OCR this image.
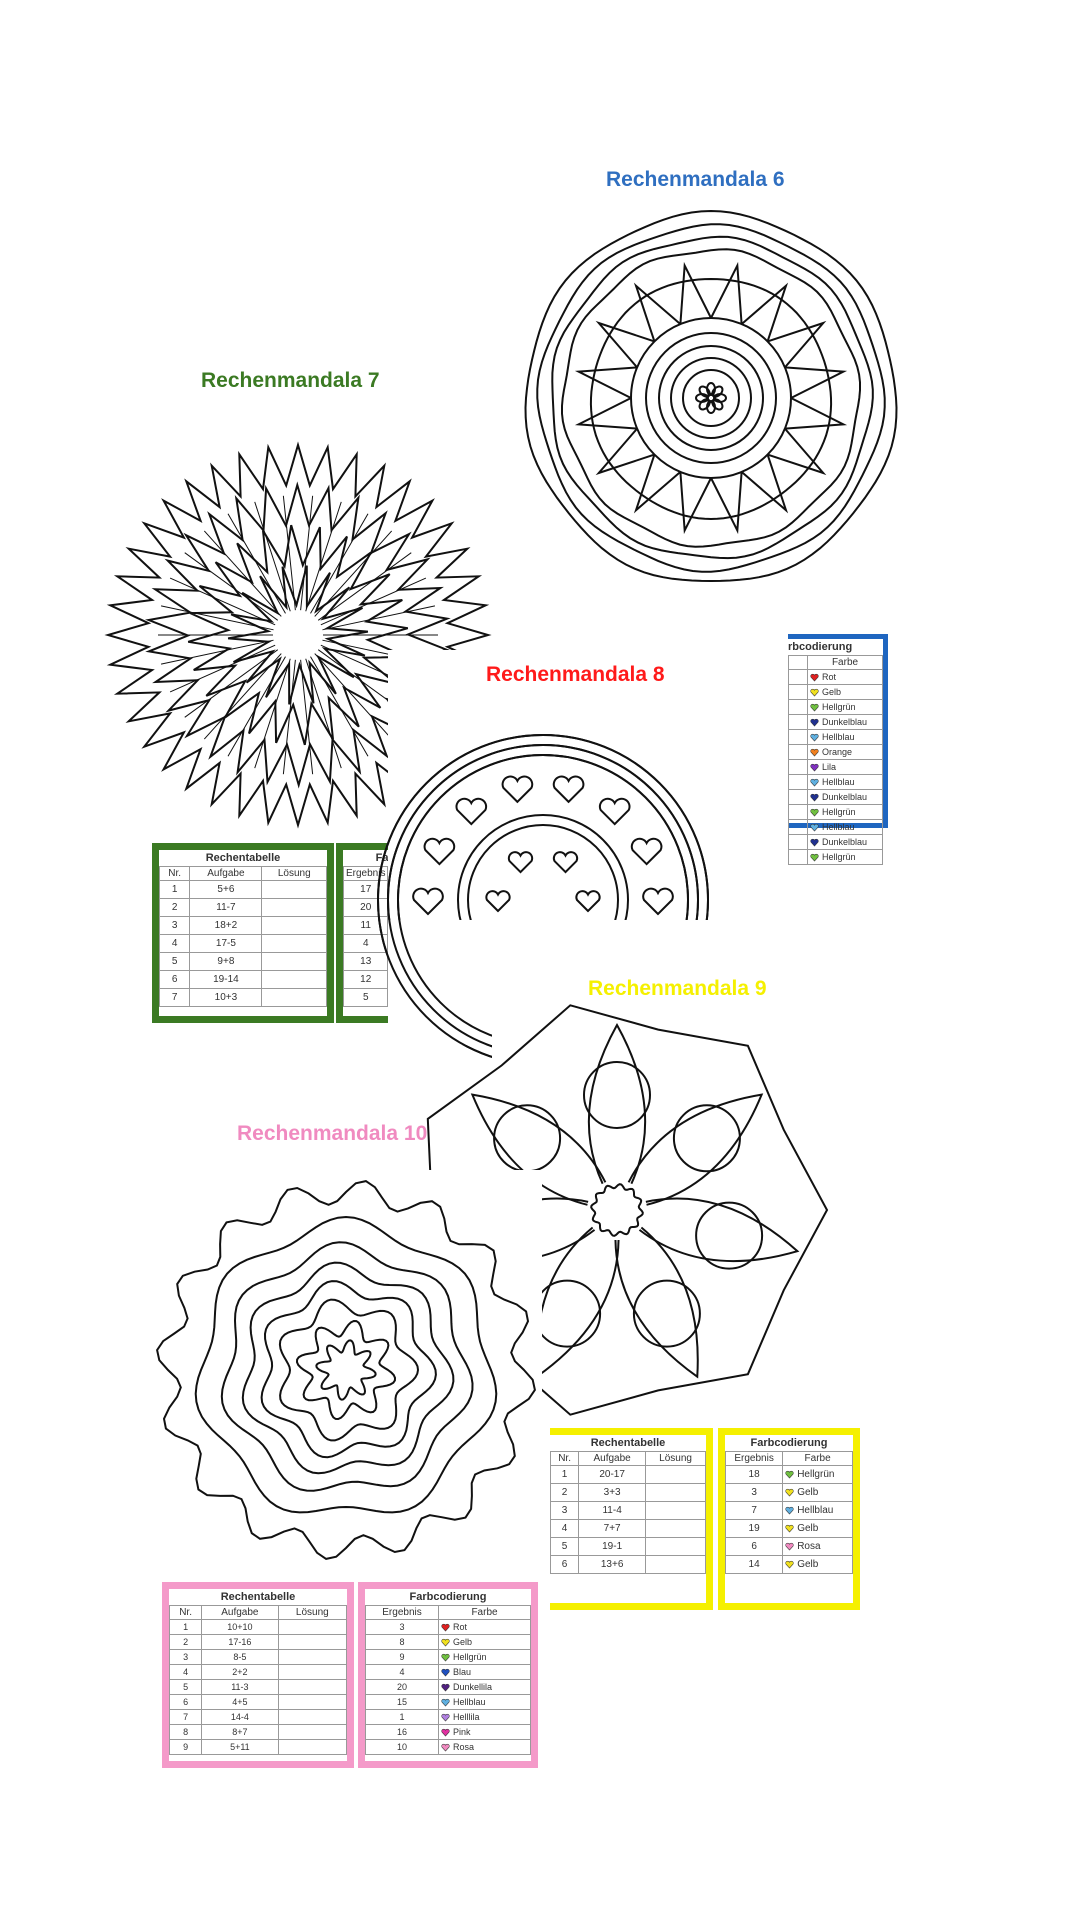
Rechenmandala 6
rbcodierung
	Farbe
	Rot
	Gelb
	Hellgrün
	Dunkelblau
	Hellblau
	Orange
	Lila
	Hellblau
	Dunkelblau
	Hellgrün
	Hellblau
	Dunkelblau
	Hellgrün
Rechenmandala 7
Rechentabelle
Nr.	Aufgabe	Lösung
1	5+6	
2	11-7	
3	18+2	
4	17-5	
5	9+8	
6	19-14	
7	10+3	
Fa
Ergebnis
17
20
11
4
13
12
5
Rechenmandala 8
Rechenmandala 9
Rechentabelle
Nr.	Aufgabe	Lösung
1	20-17	
2	3+3	
3	11-4	
4	7+7	
5	19-1	
6	13+6	
Farbcodierung
Ergebnis	Farbe
18	Hellgrün
3	Gelb
7	Hellblau
19	Gelb
6	Rosa
14	Gelb
Rechenmandala 10
Rechentabelle
Nr.	Aufgabe	Lösung
1	10+10	
2	17-16	
3	8-5	
4	2+2	
5	11-3	
6	4+5	
7	14-4	
8	8+7	
9	5+11	
Farbcodierung
Ergebnis	Farbe
3	Rot
8	Gelb
9	Hellgrün
4	Blau
20	Dunkellila
15	Hellblau
1	Helllila
16	Pink
10	Rosa
